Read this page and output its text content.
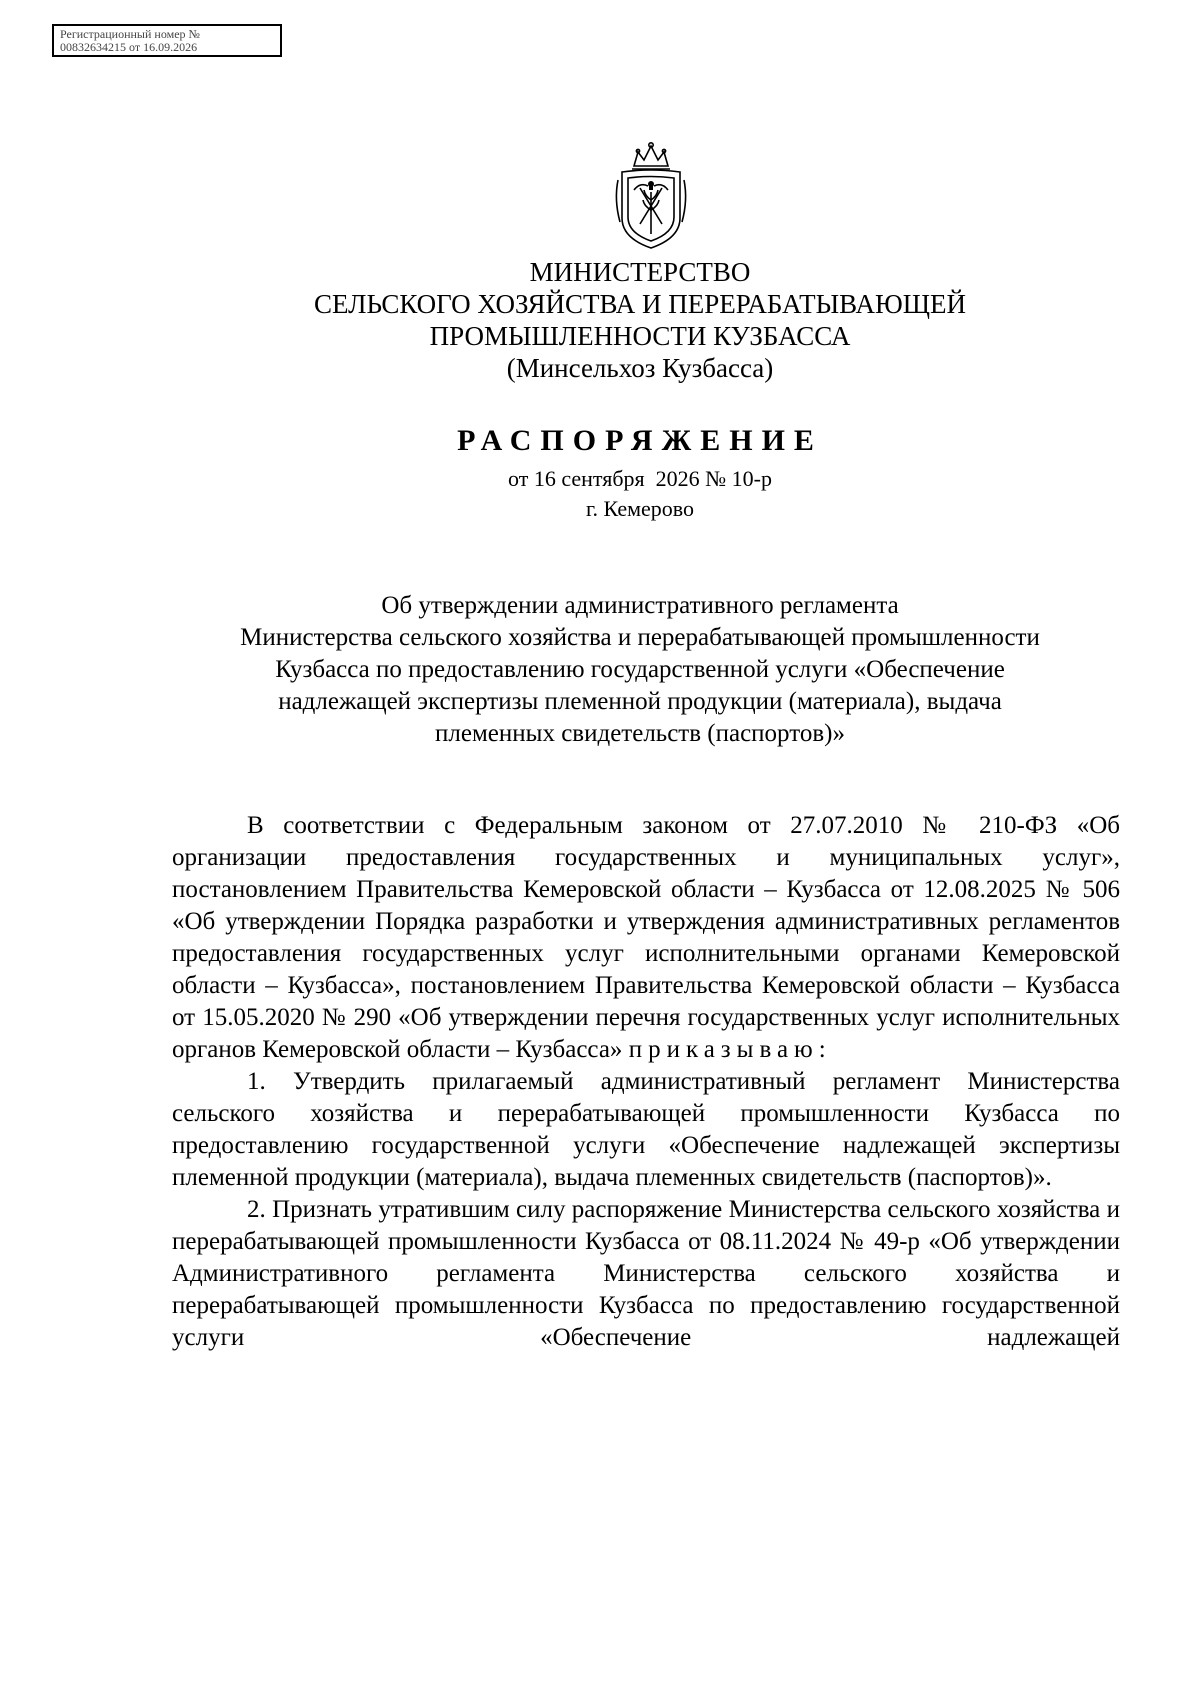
Регистрационный номер №
00832634215 от 16.09.2026
МИНИСТЕРСТВО
СЕЛЬСКОГО ХОЗЯЙСТВА И ПЕРЕРАБАТЫВАЮЩЕЙ
ПРОМЫШЛЕННОСТИ КУЗБАССА
(Минсельхоз Кузбасса)
РАСПОРЯЖЕНИЕ
от 16 сентября  2026 № 10-р
г. Кемерово
Об утверждении административного регламента
Министерства сельского хозяйства и перерабатывающей промышленности
Кузбасса по предоставлению государственной услуги «Обеспечение
надлежащей экспертизы племенной продукции (материала), выдача
племенных свидетельств (паспортов)»

В соответствии с Федеральным законом от 27.07.2010 № 210-ФЗ «Об организации предоставления государственных и муниципальных услуг», постановлением Правительства Кемеровской области – Кузбасса от 12.08.2025 № 506 «Об утверждении Порядка разработки и утверждения административных регламентов предоставления государственных услуг исполнительными органами Кемеровской области – Кузбасса», постановлением Правительства Кемеровской области – Кузбасса от 15.05.2020 № 290 «Об утверждении перечня государственных услуг исполнительных органов Кемеровской области – Кузбасса» приказываю:

1. Утвердить прилагаемый административный регламент Министерства сельского хозяйства и перерабатывающей промышленности Кузбасса по предоставлению государственной услуги «Обеспечение надлежащей экспертизы племенной продукции (материала), выдача племенных свидетельств (паспортов)».

2. Признать утратившим силу распоряжение Министерства сельского хозяйства и перерабатывающей промышленности Кузбасса от 08.11.2024 № 49-р «Об утверждении Административного регламента Министерства сельского хозяйства и перерабатывающей промышленности Кузбасса по предоставлению государственной услуги «Обеспечение надлежащей
